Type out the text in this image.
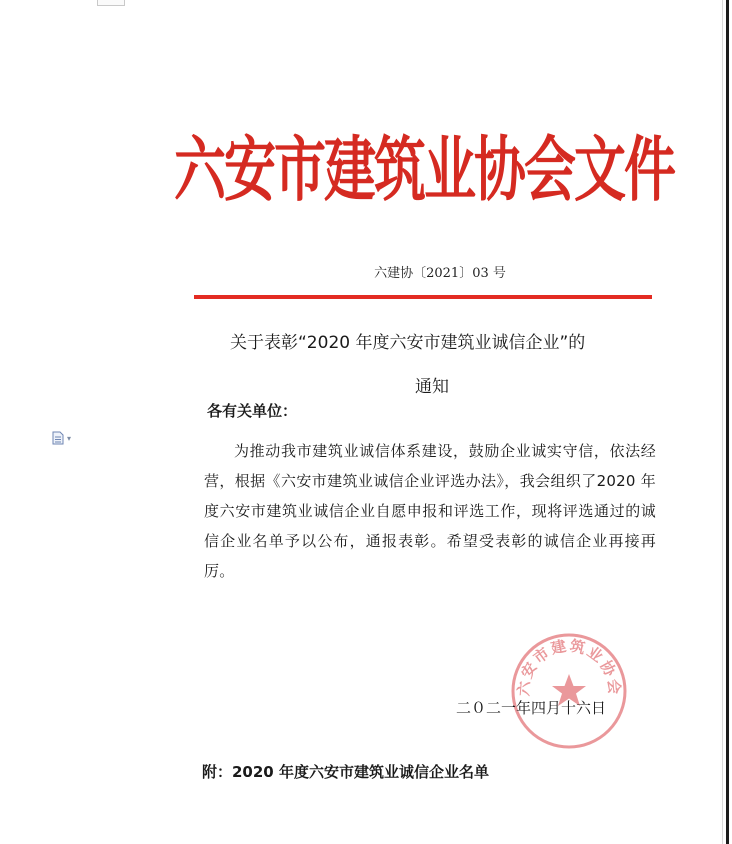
▾
六安市建筑业协会文件
六建协〔2021〕03 号
关于表彰“2020 年度六安市建筑业诚信企业”的
通知
各有关单位：

为推动我市建筑业诚信体系建设，鼓励企业诚实守信，依法经营，根据《六安市建筑业诚信企业评选办法》，我会组织了2020 年度六安市建筑业诚信企业自愿申报和评选工作，现将评选通过的诚信企业名单予以公布，通报表彰。希望受表彰的诚信企业再接再厉。

六安市建筑业协会
二０二一年四月十六日
附：2020 年度六安市建筑业诚信企业名单
